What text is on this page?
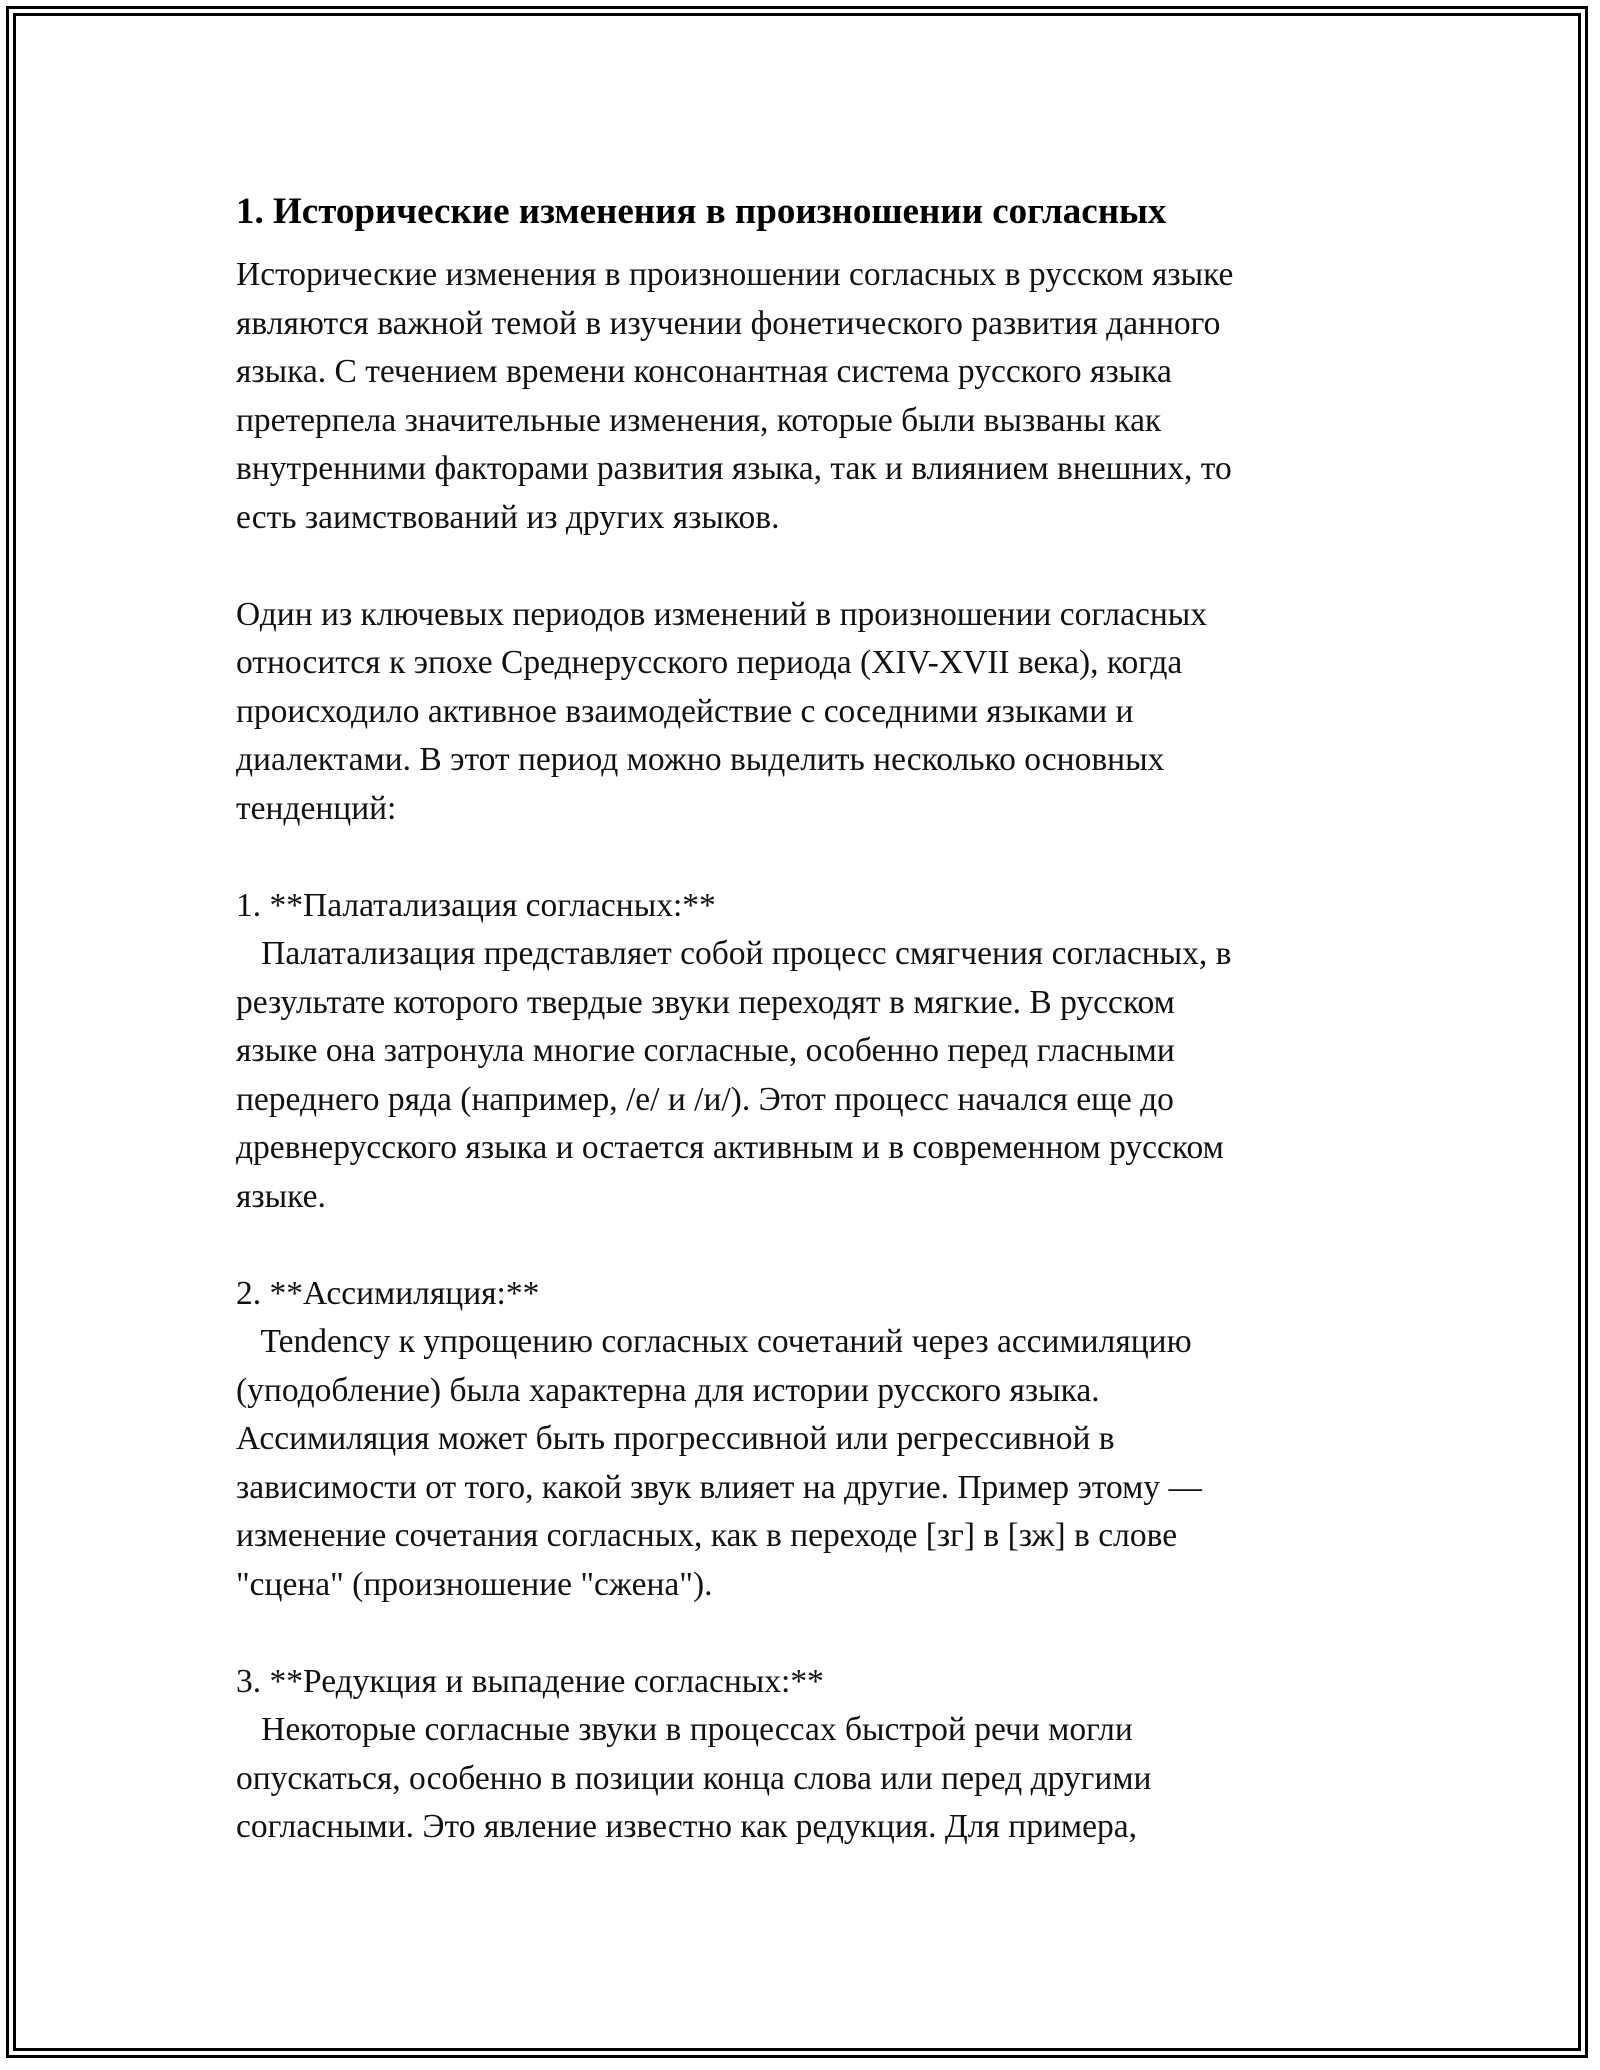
1. Исторические изменения в произношении согласных

Исторические изменения в произношении согласных в русском языке
являются важной темой в изучении фонетического развития данного
языка. С течением времени консонантная система русского языка
претерпела значительные изменения, которые были вызваны как
внутренними факторами развития языка, так и влиянием внешних, то
есть заимствований из других языков.

Один из ключевых периодов изменений в произношении согласных
относится к эпохе Среднерусского периода (XIV-XVII века), когда
происходило активное взаимодействие с соседними языками и
диалектами. В этот период можно выделить несколько основных
тенденций:

1. **Палатализация согласных:**

Палатализация представляет собой процесс смягчения согласных, в
результате которого твердые звуки переходят в мягкие. В русском
языке она затронула многие согласные, особенно перед гласными
переднего ряда (например, /е/ и /и/). Этот процесс начался еще до
древнерусского языка и остается активным и в современном русском
языке.

2. **Ассимиляция:**

Tendency к упрощению согласных сочетаний через ассимиляцию
(уподобление) была характерна для истории русского языка.
Ассимиляция может быть прогрессивной или регрессивной в
зависимости от того, какой звук влияет на другие. Пример этому —
изменение сочетания согласных, как в переходе [зг] в [зж] в слове
"сцена" (произношение "сжена").

3. **Редукция и выпадение согласных:**

Некоторые согласные звуки в процессах быстрой речи могли
опускаться, особенно в позиции конца слова или перед другими
согласными. Это явление известно как редукция. Для примера,
